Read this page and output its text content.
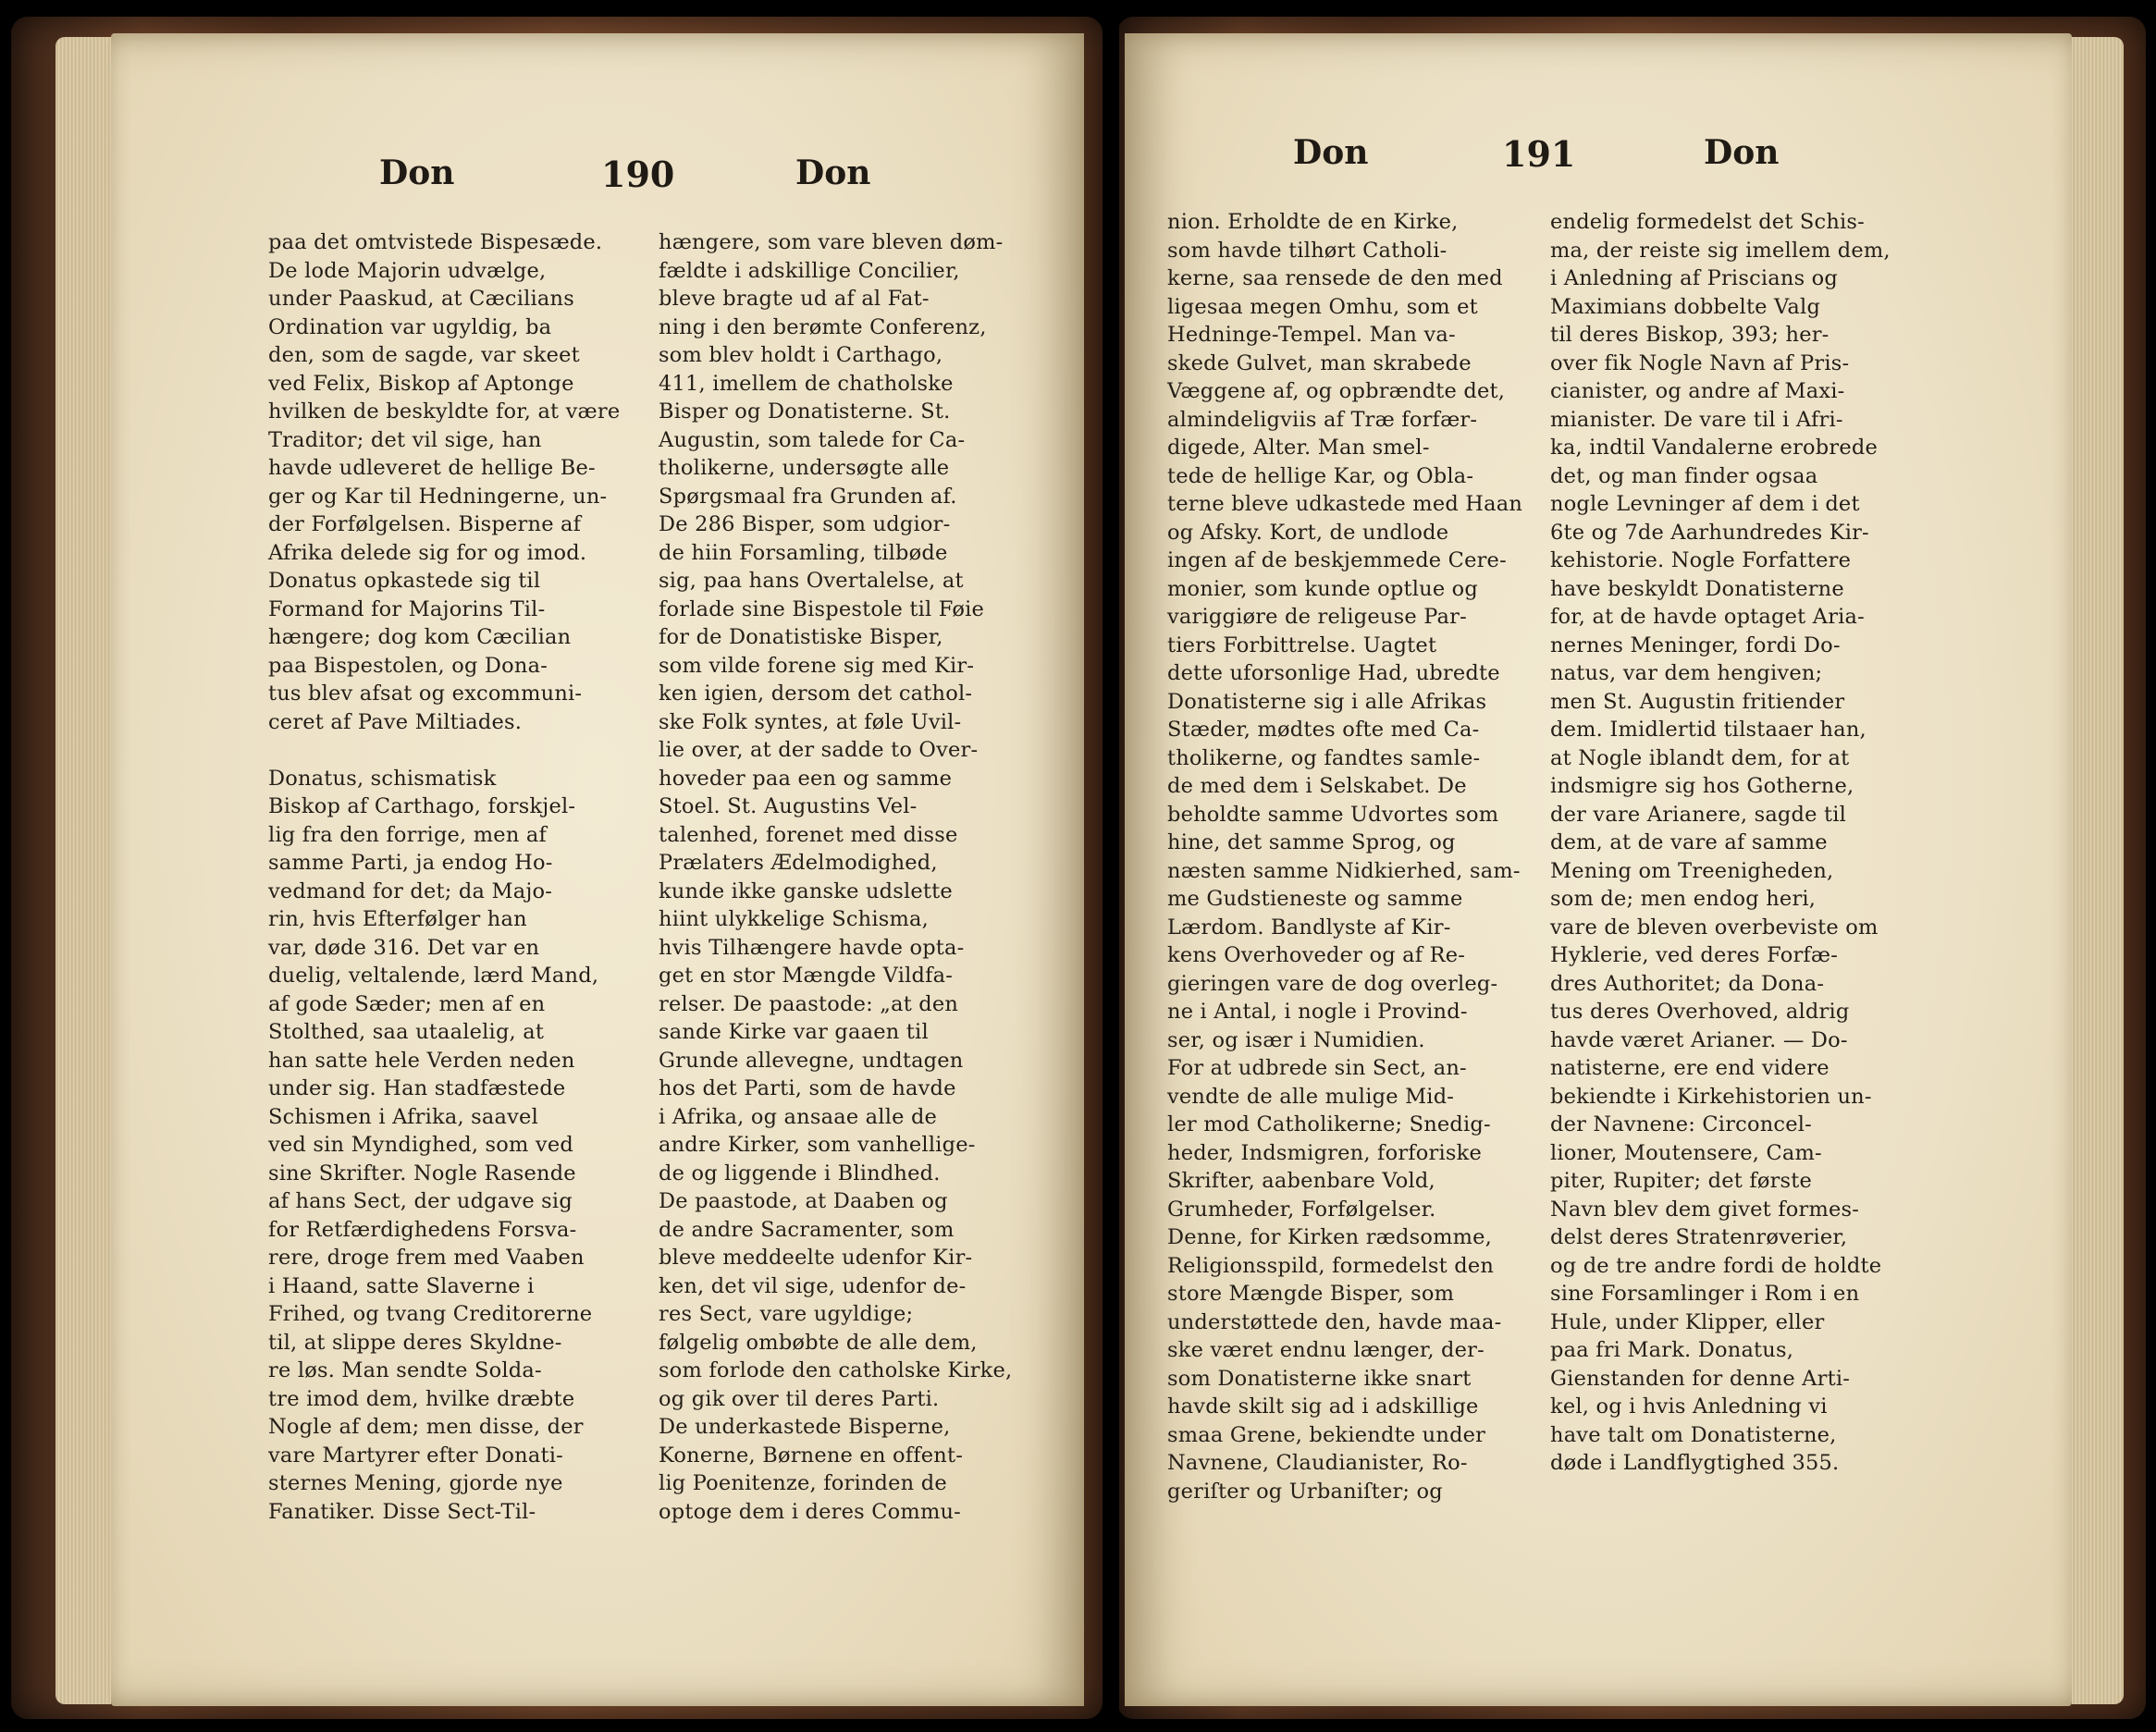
Don	190	Don
Don	191	Don
paa det omtvistede Bispesæde.
De lode Majorin udvælge,
under Paaskud, at Cæcilians
Ordination var ugyldig, ba
den, som de sagde, var skeet
ved Felix, Biskop af Aptonge
hvilken de beskyldte for, at være
Traditor; det vil sige, han
havde udleveret de hellige Be-
ger og Kar til Hedningerne, un-
der Forfølgelsen. Bisperne af
Afrika delede sig for og imod.
Donatus opkastede sig til
Formand for Majorins Til-
hængere; dog kom Cæcilian
paa Bispestolen, og Dona-
tus blev afsat og excommuni-
ceret af Pave Miltiades.
Donatus, schismatisk
Biskop af Carthago, forskjel-
lig fra den forrige, men af
samme Parti, ja endog Ho-
vedmand for det; da Majo-
rin, hvis Efterfølger han
var, døde 316. Det var en
duelig, veltalende, lærd Mand,
af gode Sæder; men af en
Stolthed, saa utaalelig, at
han satte hele Verden neden
under sig. Han stadfæstede
Schismen i Afrika, saavel
ved sin Myndighed, som ved
sine Skrifter. Nogle Rasende
af hans Sect, der udgave sig
for Retfærdighedens Forsva-
rere, droge frem med Vaaben
i Haand, satte Slaverne i
Frihed, og tvang Creditorerne
til, at slippe deres Skyldne-
re løs. Man sendte Solda-
tre imod dem, hvilke dræbte
Nogle af dem; men disse, der
vare Martyrer efter Donati-
sternes Mening, gjorde nye
Fanatiker. Disse Sect-Til-
hængere, som vare bleven døm-
fældte i adskillige Concilier,
bleve bragte ud af al Fat-
ning i den berømte Conferenz,
som blev holdt i Carthago,
411, imellem de chatholske
Bisper og Donatisterne. St.
Augustin, som talede for Ca-
tholikerne, undersøgte alle
Spørgsmaal fra Grunden af.
De 286 Bisper, som udgior-
de hiin Forsamling, tilbøde
sig, paa hans Overtalelse, at
forlade sine Bispestole til Føie
for de Donatistiske Bisper,
som vilde forene sig med Kir-
ken igien, dersom det cathol-
ske Folk syntes, at føle Uvil-
lie over, at der sadde to Over-
hoveder paa een og samme
Stoel. St. Augustins Vel-
talenhed, forenet med disse
Prælaters Ædelmodighed,
kunde ikke ganske udslette
hiint ulykkelige Schisma,
hvis Tilhængere havde opta-
get en stor Mængde Vildfa-
relser. De paastode: „at den
sande Kirke var gaaen til
Grunde allevegne, undtagen
hos det Parti, som de havde
i Afrika, og ansaae alle de
andre Kirker, som vanhellige-
de og liggende i Blindhed.
De paastode, at Daaben og
de andre Sacramenter, som
bleve meddeelte udenfor Kir-
ken, det vil sige, udenfor de-
res Sect, vare ugyldige;
følgelig ombøbte de alle dem,
som forlode den catholske Kirke,
og gik over til deres Parti.
De underkastede Bisperne,
Konerne, Børnene en offent-
lig Poenitenze, forinden de
optoge dem i deres Commu-
nion. Erholdte de en Kirke,
som havde tilhørt Catholi-
kerne, saa rensede de den med
ligesaa megen Omhu, som et
Hedninge-Tempel. Man va-
skede Gulvet, man skrabede
Væggene af, og opbrændte det,
almindeligviis af Træ forfær-
digede, Alter. Man smel-
tede de hellige Kar, og Obla-
terne bleve udkastede med Haan
og Afsky. Kort, de undlode
ingen af de beskjemmede Cere-
monier, som kunde optlue og
variggiøre de religeuse Par-
tiers Forbittrelse. Uagtet
dette uforsonlige Had, ubredte
Donatisterne sig i alle Afrikas
Stæder, mødtes ofte med Ca-
tholikerne, og fandtes samle-
de med dem i Selskabet. De
beholdte samme Udvortes som
hine, det samme Sprog, og
næsten samme Nidkierhed, sam-
me Gudstieneste og samme
Lærdom. Bandlyste af Kir-
kens Overhoveder og af Re-
gieringen vare de dog overleg-
ne i Antal, i nogle i Provind-
ser, og især i Numidien.
For at udbrede sin Sect, an-
vendte de alle mulige Mid-
ler mod Catholikerne; Snedig-
heder, Indsmigren, forforiske
Skrifter, aabenbare Vold,
Grumheder, Forfølgelser.
Denne, for Kirken rædsomme,
Religionsspild, formedelst den
store Mængde Bisper, som
understøttede den, havde maa-
ske været endnu længer, der-
som Donatisterne ikke snart
havde skilt sig ad i adskillige
smaa Grene, bekiendte under
Navnene, Claudianister, Ro-
geriſter og Urbaniſter; og
endelig formedelst det Schis-
ma, der reiste sig imellem dem,
i Anledning af Priscians og
Maximians dobbelte Valg
til deres Biskop, 393; her-
over fik Nogle Navn af Pris-
cianister, og andre af Maxi-
mianister. De vare til i Afri-
ka, indtil Vandalerne erobrede
det, og man finder ogsaa
nogle Levninger af dem i det
6te og 7de Aarhundredes Kir-
kehistorie. Nogle Forfattere
have beskyldt Donatisterne
for, at de havde optaget Aria-
nernes Meninger, fordi Do-
natus, var dem hengiven;
men St. Augustin fritiender
dem. Imidlertid tilstaaer han,
at Nogle iblandt dem, for at
indsmigre sig hos Gotherne,
der vare Arianere, sagde til
dem, at de vare af samme
Mening om Treenigheden,
som de; men endog heri,
vare de bleven overbeviste om
Hyklerie, ved deres Forfæ-
dres Authoritet; da Dona-
tus deres Overhoved, aldrig
havde været Arianer. — Do-
natisterne, ere end videre
bekiendte i Kirkehistorien un-
der Navnene: Circoncel-
lioner, Moutensere, Cam-
piter, Rupiter; det første
Navn blev dem givet formes-
delst deres Stratenrøverier,
og de tre andre fordi de holdte
sine Forsamlinger i Rom i en
Hule, under Klipper, eller
paa fri Mark. Donatus,
Gienstanden for denne Arti-
kel, og i hvis Anledning vi
have talt om Donatisterne,
døde i Landflygtighed 355.
